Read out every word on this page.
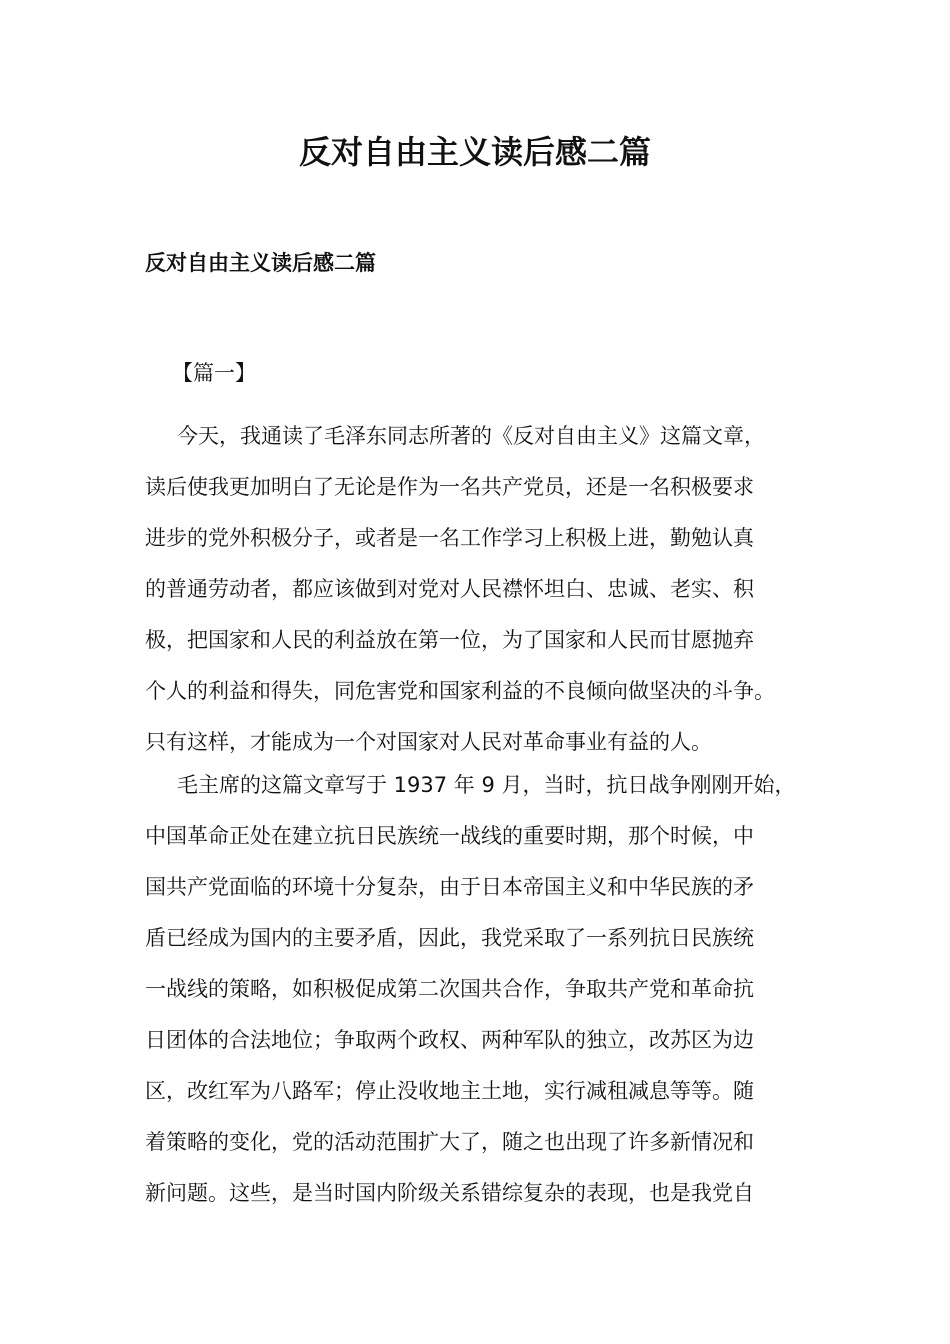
反对自由主义读后感二篇
反对自由主义读后感二篇

【篇一】

今天，我通读了毛泽东同志所著的《反对自由主义》这篇文章，

读后使我更加明白了无论是作为一名共产党员，还是一名积极要求

进步的党外积极分子，或者是一名工作学习上积极上进，勤勉认真

的普通劳动者，都应该做到对党对人民襟怀坦白、忠诚、老实、积

极，把国家和人民的利益放在第一位，为了国家和人民而甘愿抛弃

个人的利益和得失，同危害党和国家利益的不良倾向做坚决的斗争。

只有这样，才能成为一个对国家对人民对革命事业有益的人。

毛主席的这篇文章写于 1937 年 9 月，当时，抗日战争刚刚开始，

中国革命正处在建立抗日民族统一战线的重要时期，那个时候，中

国共产党面临的环境十分复杂，由于日本帝国主义和中华民族的矛

盾已经成为国内的主要矛盾，因此，我党采取了一系列抗日民族统

一战线的策略，如积极促成第二次国共合作，争取共产党和革命抗

日团体的合法地位；争取两个政权、两种军队的独立，改苏区为边

区，改红军为八路军；停止没收地主土地，实行减租减息等等。随

着策略的变化，党的活动范围扩大了，随之也出现了许多新情况和

新问题。这些，是当时国内阶级关系错综复杂的表现，也是我党自
